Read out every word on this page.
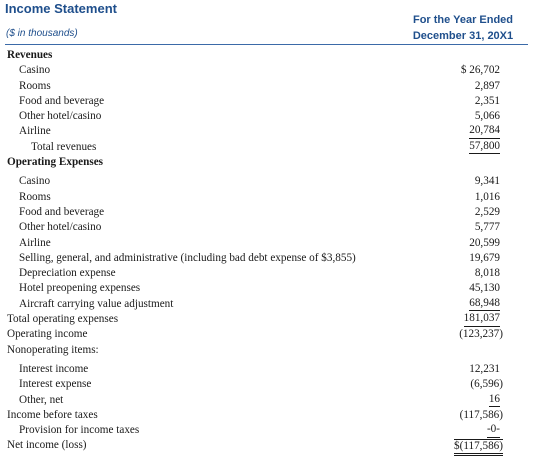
Income Statement
($ in thousands)
For the Year Ended
December 31, 20X1
Revenues
Casino	$ 26,702
Rooms	2,897
Food and beverage	2,351
Other hotel/casino	5,066
Airline	20,784
Total revenues	57,800
Operating Expenses
Casino	9,341
Rooms	1,016
Food and beverage	2,529
Other hotel/casino	5,777
Airline	20,599
Selling, general, and administrative (including bad debt expense of $3,855)	19,679
Depreciation expense	8,018
Hotel preopening expenses	45,130
Aircraft carrying value adjustment	68,948
Total operating expenses	181,037
Operating income	(123,237)
Nonoperating items:
Interest income	12,231
Interest expense	(6,596)
Other, net	16
Income before taxes	(117,586)
Provision for income taxes	-0-
Net income (loss)	$(117,586)
